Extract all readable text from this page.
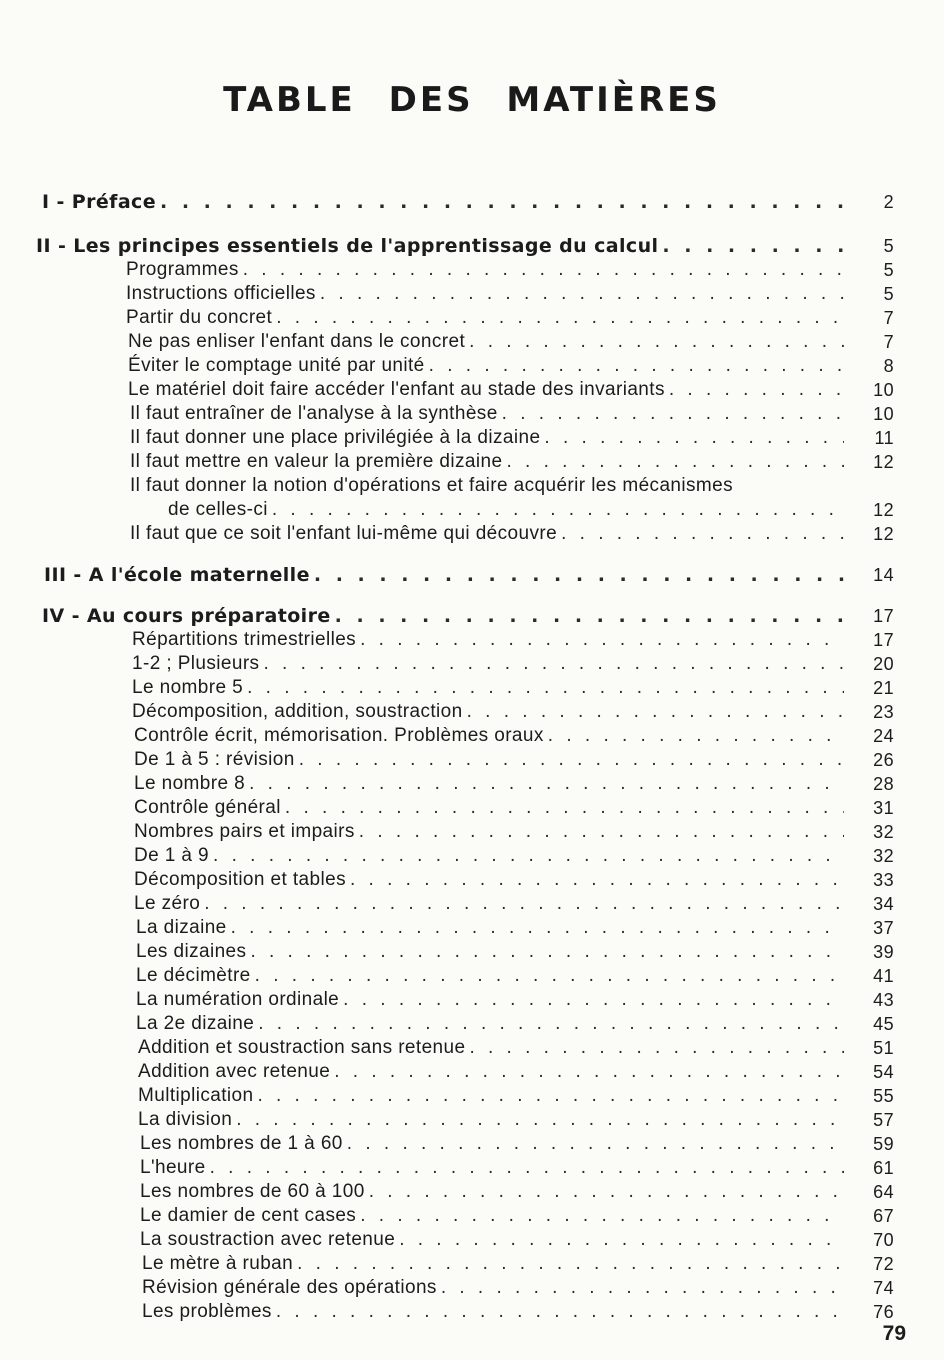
TABLE DES MATIÈRES
I - Préface . . .	2
II - Les principes essentiels de l'apprentissage du calcul . . .	5
Programmes . . .	5
Instructions officielles . . .	5
Partir du concret . . .	7
Ne pas enliser l'enfant dans le concret . . .	7
Éviter le comptage unité par unité . . .	8
Le matériel doit faire accéder l'enfant au stade des invariants . . .	10
Il faut entraîner de l'analyse à la synthèse . . .	10
Il faut donner une place privilégiée à la dizaine . . .	11
Il faut mettre en valeur la première dizaine . . .	12
Il faut donner la notion d'opérations et faire acquérir les mécanismes
de celles-ci . . .	12
Il faut que ce soit l'enfant lui-même qui découvre . . .	12
III - A l'école maternelle . . .	14
IV - Au cours préparatoire . . .	17
Répartitions trimestrielles . . .	17
1-2 ; Plusieurs . . .	20
Le nombre 5 . . .	21
Décomposition, addition, soustraction . . .	23
Contrôle écrit, mémorisation. Problèmes oraux . . .	24
De 1 à 5 : révision . . .	26
Le nombre 8 . . .	28
Contrôle général . . .	31
Nombres pairs et impairs . . .	32
De 1 à 9 . . .	32
Décomposition et tables . . .	33
Le zéro . . .	34
La dizaine . . .	37
Les dizaines . . .	39
Le décimètre . . .	41
La numération ordinale . . .	43
La 2e dizaine . . .	45
Addition et soustraction sans retenue . . .	51
Addition avec retenue . . .	54
Multiplication . . .	55
La division . . .	57
Les nombres de 1 à 60 . . .	59
L'heure . . .	61
Les nombres de 60 à 100 . . .	64
Le damier de cent cases . . .	67
La soustraction avec retenue . . .	70
Le mètre à ruban . . .	72
Révision générale des opérations . . .	74
Les problèmes . . .	76
79
